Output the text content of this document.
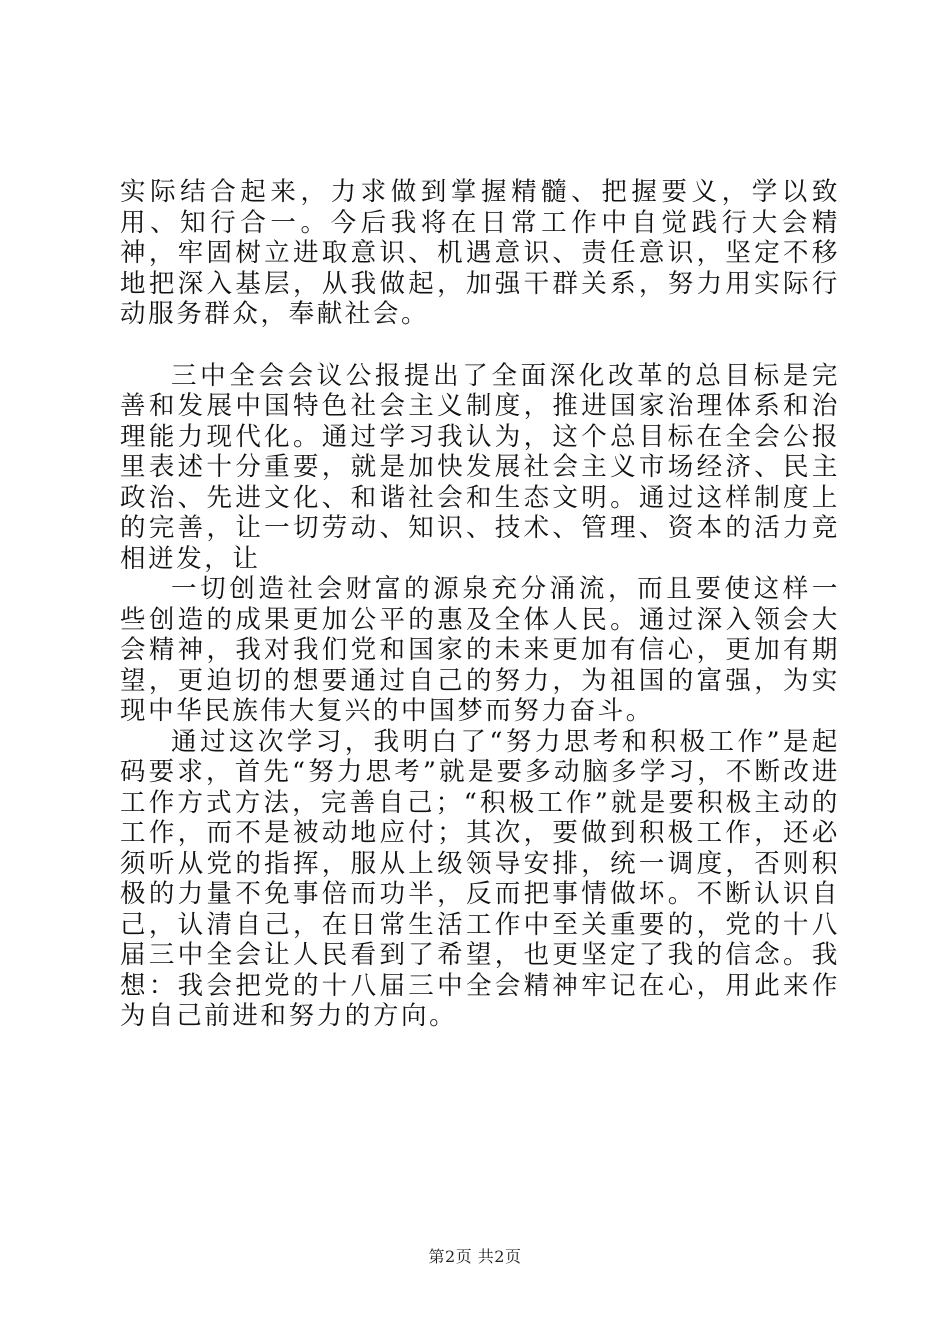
实际结合起来，力求做到掌握精髓、把握要义，学以致用、知行合一。今后我将在日常工作中自觉践行大会精神，牢固树立进取意识、机遇意识、责任意识，坚定不移地把深入基层，从我做起，加强干群关系，努力用实际行动服务群众，奉献社会。

三中全会会议公报提出了全面深化改革的总目标是完善和发展中国特色社会主义制度，推进国家治理体系和治理能力现代化。通过学习我认为，这个总目标在全会公报里表述十分重要，就是加快发展社会主义市场经济、民主政治、先进文化、和谐社会和生态文明。通过这样制度上的完善，让一切劳动、知识、技术、管理、资本的活力竞相迸发，让

一切创造社会财富的源泉充分涌流，而且要使这样一些创造的成果更加公平的惠及全体人民。通过深入领会大会精神，我对我们党和国家的未来更加有信心，更加有期望，更迫切的想要通过自己的努力，为祖国的富强，为实现中华民族伟大复兴的中国梦而努力奋斗。

通过这次学习，我明白了“努力思考和积极工作”是起码要求，首先“努力思考”就是要多动脑多学习，不断改进工作方式方法，完善自己；“积极工作”就是要积极主动的工作，而不是被动地应付；其次，要做到积极工作，还必须听从党的指挥，服从上级领导安排，统一调度，否则积极的力量不免事倍而功半，反而把事情做坏。不断认识自己，认清自己，在日常生活工作中至关重要的，党的十八届三中全会让人民看到了希望，也更坚定了我的信念。我想：我会把党的十八届三中全会精神牢记在心，用此来作为自己前进和努力的方向。

第2页 共2页
